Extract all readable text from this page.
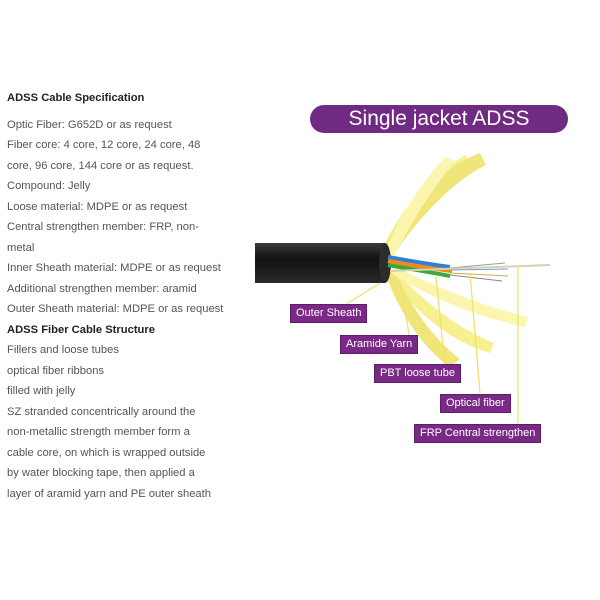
ADSS Cable Specification
Optic Fiber: G652D or as request
Fiber core: 4 core, 12 core, 24 core, 48
core, 96 core, 144 core or as request.
Compound: Jelly
Loose material: MDPE or as request
Central strengthen member: FRP, non-
metal
Inner Sheath material: MDPE or as request
Additional strengthen member: aramid
Outer Sheath material: MDPE or as request
ADSS Fiber Cable Structure
Fillers and loose tubes
optical fiber ribbons
filled with jelly
SZ stranded concentrically around the
non-metallic strength member form a
cable core, on which is wrapped outside
by water blocking tape, then applied a
layer of aramid yarn and PE outer sheath
Single jacket ADSS
Outer Sheath
Aramide Yarn
PBT loose tube
Optical fiber
FRP Central strengthen
